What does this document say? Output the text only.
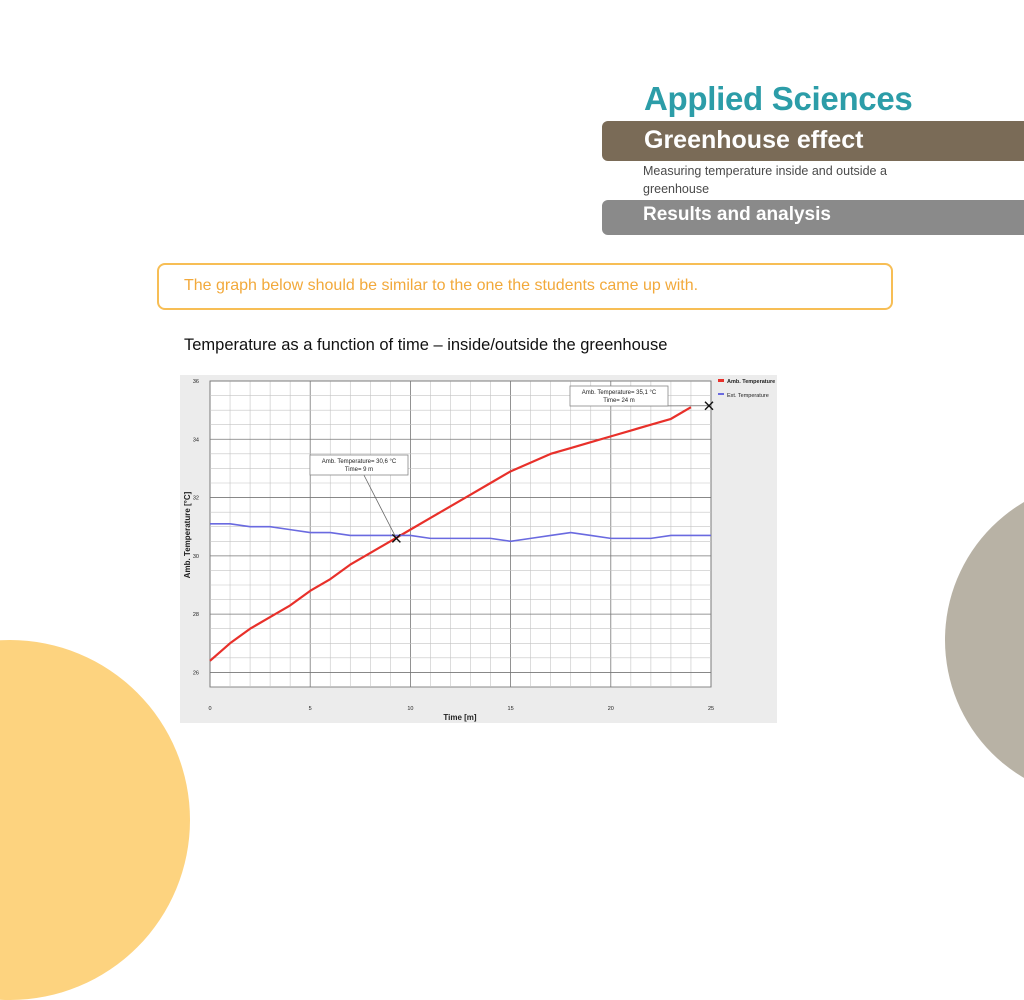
Applied Sciences
Greenhouse effect
Measuring temperature inside and outside a greenhouse
Results and analysis
The graph below should be similar to the one the students came up with.
Temperature as a function of time – inside/outside the greenhouse
0	5	10	15	20	25
26
28
30
32
34
36
Time [m]
Amb. Temperature [°C]
Amb. Temperature= 30,6 °C
Time= 9 m
Amb. Temperature= 35,1 °C
Time= 24 m
Amb. Temperature
Ext. Temperature
